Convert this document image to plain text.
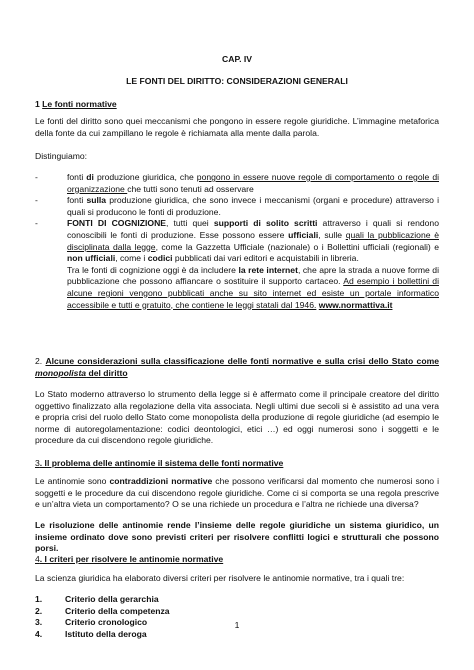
CAP. IV

LE FONTI DEL DIRITTO: CONSIDERAZIONI GENERALI

1 Le fonti normative

Le fonti del diritto sono quei meccanismi che pongono in essere regole giuridiche. L’immagine metaforica della fonte da cui zampillano le regole è richiamata alla mente dalla parola.

Distinguiamo:

-	fonti di produzione giuridica, che pongono in essere nuove regole di comportamento o regole di organizzazione che tutti sono tenuti ad osservare
-	fonti sulla produzione giuridica, che sono invece i meccanismi (organi e procedure) attraverso i quali si producono le fonti di produzione.
-	FONTI DI COGNIZIONE, tutti quei supporti di solito scritti attraverso i quali si rendono conoscibili le fonti di produzione. Esse possono essere ufficiali, sulle quali la pubblicazione è disciplinata dalla legge, come la Gazzetta Ufficiale (nazionale) o i Bollettini ufficiali (regionali) e non ufficiali, come i codici pubblicati dai vari editori e acquistabili in libreria.
Tra le fonti di cognizione oggi è da includere la rete internet, che apre la strada a nuove forme di pubblicazione che possono affiancare o sostituire il supporto cartaceo. Ad esempio i bollettini di alcune regioni vengono pubblicati anche su sito internet ed esiste un portale informatico accessibile e tutti e gratuito, che contiene le leggi statali dal 1946. www.normattiva.it

2. Alcune considerazioni sulla classificazione delle fonti normative e sulla crisi dello Stato come monopolista del diritto

Lo Stato moderno attraverso lo strumento della legge si è affermato come il principale creatore del diritto oggettivo finalizzato alla regolazione della vita associata. Negli ultimi due secoli si è assistito ad una vera e propria crisi del ruolo dello Stato come monopolista della produzione di regole giuridiche (ad esempio le norme di autoregolamentazione: codici deontologici, etici …) ed oggi numerosi sono i soggetti e le procedure da cui discendono regole giuridiche.

3. Il problema delle antinomie il sistema delle fonti normative

Le antinomie sono contraddizioni normative che possono verificarsi dal momento che numerosi sono i soggetti e le procedure da cui discendono regole giuridiche. Come ci si comporta se una regola prescrive e un’altra vieta un comportamento? O se una richiede un procedura e l’altra ne richiede una diversa?

Le risoluzione delle antinomie rende l’insieme delle regole giuridiche un sistema giuridico, un insieme ordinato dove sono previsti criteri per risolvere conflitti logici e strutturali che possono porsi.

4. I criteri per risolvere le antinomie normative

La scienza giuridica ha elaborato diversi criteri per risolvere le antinomie normative, tra i quali tre:

1.	Criterio della gerarchia
2.	Criterio della competenza
3.	Criterio cronologico
4.	Istituto della deroga

1
